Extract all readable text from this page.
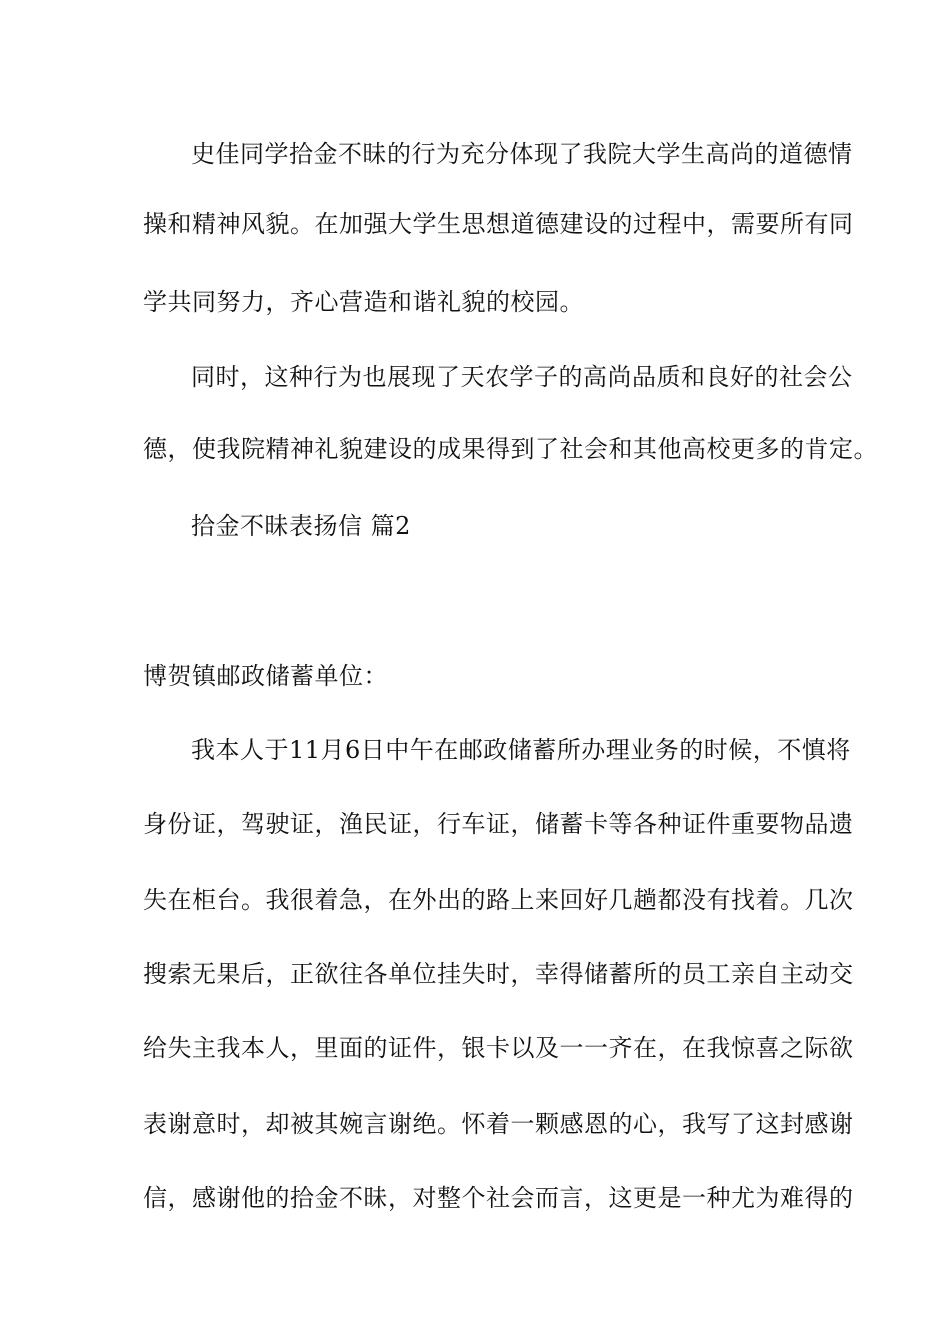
史佳同学拾金不昧的行为充分体现了我院大学生高尚的道德情
操和精神风貌。在加强大学生思想道德建设的过程中，需要所有同
学共同努力，齐心营造和谐礼貌的校园。
同时，这种行为也展现了天农学子的高尚品质和良好的社会公
德，使我院精神礼貌建设的成果得到了社会和其他高校更多的肯定。
拾金不昧表扬信 篇2
博贺镇邮政储蓄单位：
我本人于11月6日中午在邮政储蓄所办理业务的时候，不慎将
身份证，驾驶证，渔民证，行车证，储蓄卡等各种证件重要物品遗
失在柜台。我很着急，在外出的路上来回好几趟都没有找着。几次
搜索无果后，正欲往各单位挂失时，幸得储蓄所的员工亲自主动交
给失主我本人，里面的证件，银卡以及一一齐在，在我惊喜之际欲
表谢意时，却被其婉言谢绝。怀着一颗感恩的心，我写了这封感谢
信，感谢他的拾金不昧，对整个社会而言，这更是一种尤为难得的
